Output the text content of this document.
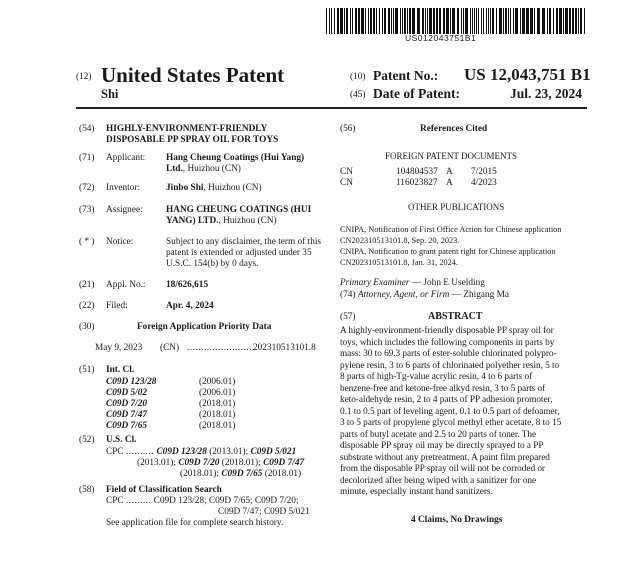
US012043751B1
(12) United States Patent
Shi
(10) Patent No.: US 12,043,751 B1
(45) Date of Patent:	Jul. 23, 2024
(54) HIGHLY-ENVIRONMENT-FRIENDLY
DISPOSABLE PP SPRAY OIL FOR TOYS
(71) Applicant: Hang Cheung Coatings (Hui Yang)
Ltd., Huizhou (CN)
(72) Inventor:	Jinbo Shi, Huizhou (CN)
(73) Assignee:	HANG CHEUNG COATINGS (HUI
YANG) LTD., Huizhou (CN)
( * ) Notice:	Subject to any disclaimer, the term of this
patent is extended or adjusted under 35
U.S.C. 154(b) by 0 days.
(21) Appl. No.: 18/626,615
(22) Filed:	Apr. 4, 2024
(30)	Foreign Application Priority Data
May 9, 2023 (CN) ........................
202310513101.8
(51) Int. Cl.
C09D 123/28	(2006.01)
C09D 5/02	(2006.01)
C09D 7/20	(2018.01)
C09D 7/47	(2018.01)
C09D 7/65	(2018.01)
(52) U.S. Cl.
CPC .......... C09D 123/28 (2013.01); C09D 5/021
(2013.01); C09D 7/20 (2018.01); C09D 7/47
(2018.01); C09D 7/65 (2018.01)
(58) Field of Classification Search
CPC ......... C09D 123/28; C09D 7/65; C09D 7/20;
C09D 7/47; C09D 5/021
See application file for complete search history.
(56)	References Cited
FOREIGN PATENT DOCUMENTS
CN	104804537 A 7/2015
CN	116023827 A 4/2023
OTHER PUBLICATIONS
CNIPA, Notification of First Office Action for Chinese application
CN202310513101.8, Sep. 20, 2023.
CNIPA, Notification to grant patent right for Chinese application
CN202310513101.8, Jan. 31, 2024.
Primary Examiner — John E Uselding
(74) Attorney, Agent, or Firm — Zhigang Ma
(57)	ABSTRACT
A highly-environment-friendly disposable PP spray oil for
toys, which includes the following components in parts by
mass: 30 to 69.3 parts of ester-soluble chlorinated polypro-
pylene resin, 3 to 6 parts of chlorinated polyether resin, 5 to
8 parts of high-Tg-value acrylic resin, 4 to 6 parts of
benzene-free and ketone-free alkyd resin, 3 to 5 parts of
keto-aldehyde resin, 2 to 4 parts of PP adhesion promoter,
0.1 to 0.5 part of leveling agent, 0.1 to 0.5 part of defoamer,
3 to 5 parts of propylene glycol methyl ether acetate, 8 to 15
parts of butyl acetate and 2.5 to 20 parts of toner. The
disposable PP spray oil may be directly sprayed to a PP
substrate without any pretreatment. A paint film prepared
from the disposable PP spray oil will not be corroded or
decolorized after being wiped with a sanitizer for one
minute, especially instant hand sanitizers.
4 Claims, No Drawings
